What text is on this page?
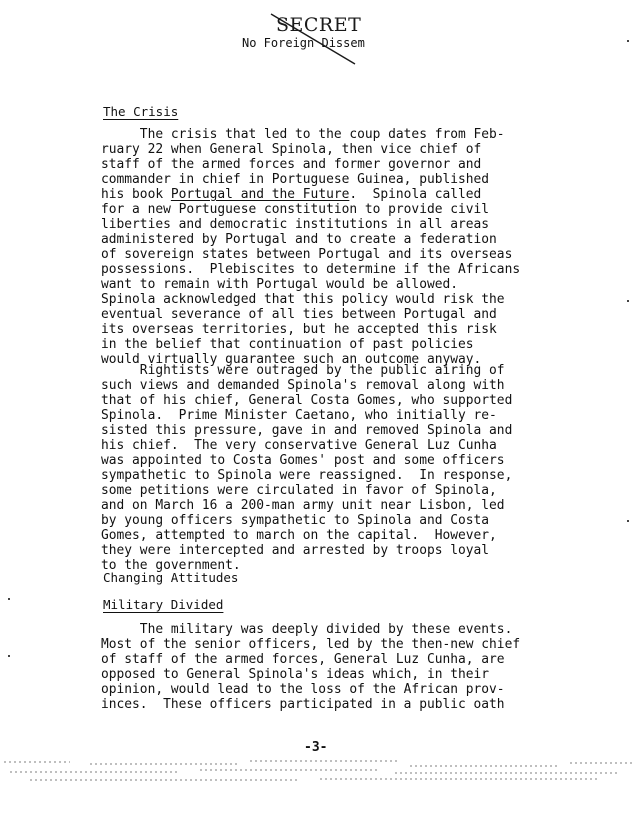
SECRET
No Foreign Dissem
The Crisis
The crisis that led to the coup dates from Feb-
ruary 22 when General Spinola, then vice chief of
staff of the armed forces and former governor and
commander in chief in Portuguese Guinea, published
his book Portugal and the Future.  Spinola called
for a new Portuguese constitution to provide civil
liberties and democratic institutions in all areas
administered by Portugal and to create a federation
of sovereign states between Portugal and its overseas
possessions.  Plebiscites to determine if the Africans
want to remain with Portugal would be allowed.
Spinola acknowledged that this policy would risk the
eventual severance of all ties between Portugal and
its overseas territories, but he accepted this risk
in the belief that continuation of past policies
would virtually guarantee such an outcome anyway.
Rightists were outraged by the public airing of
such views and demanded Spinola's removal along with
that of his chief, General Costa Gomes, who supported
Spinola.  Prime Minister Caetano, who initially re-
sisted this pressure, gave in and removed Spinola and
his chief.  The very conservative General Luz Cunha
was appointed to Costa Gomes' post and some officers
sympathetic to Spinola were reassigned.  In response,
some petitions were circulated in favor of Spinola,
and on March 16 a 200-man army unit near Lisbon, led
by young officers sympathetic to Spinola and Costa
Gomes, attempted to march on the capital.  However,
they were intercepted and arrested by troops loyal
to the government.
Changing Attitudes
Military Divided
The military was deeply divided by these events.
Most of the senior officers, led by the then-new chief
of staff of the armed forces, General Luz Cunha, are
opposed to General Spinola's ideas which, in their
opinion, would lead to the loss of the African prov-
inces.  These officers participated in a public oath
-3-
